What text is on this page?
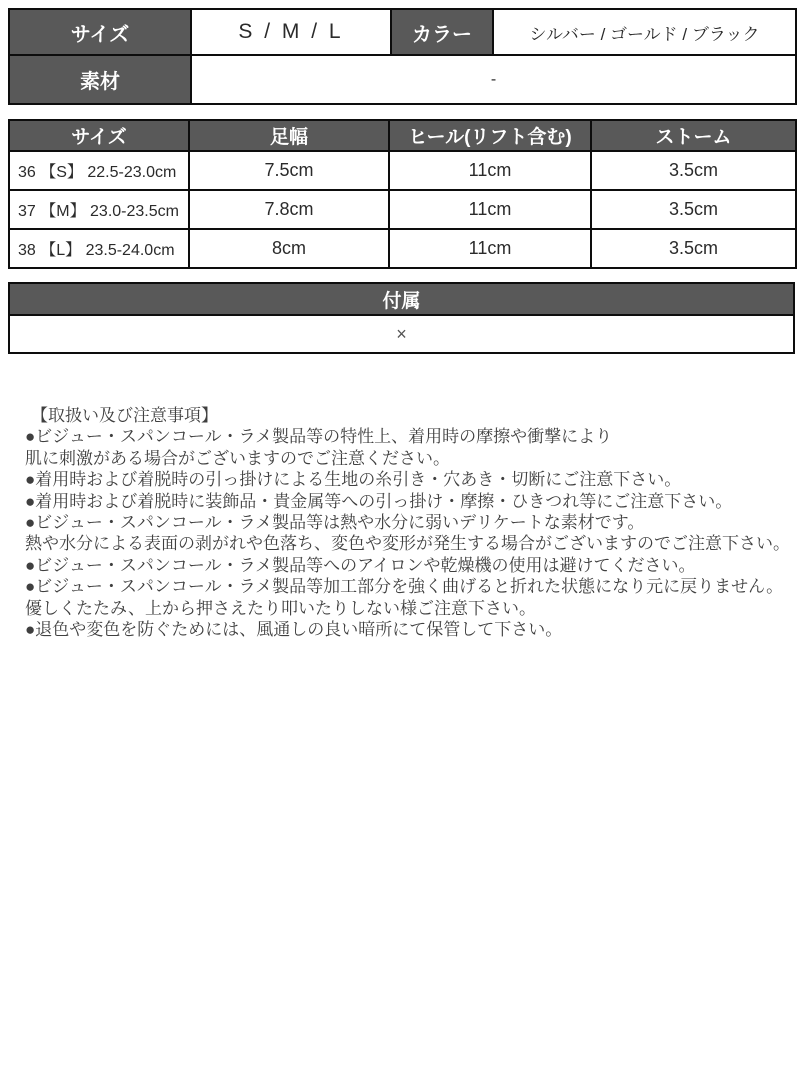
サイズ	S / M / L	カラー	シルバー / ゴールド / ブラック
素材	-		
サイズ	足幅	ヒール(リフト含む)	ストーム
36 【S】 22.5-23.0cm	7.5cm	11cm	3.5cm
37 【M】 23.0-23.5cm	7.8cm	11cm	3.5cm
38 【L】 23.5-24.0cm	8cm	11cm	3.5cm
付属
×
【取扱い及び注意事項】
●ビジュー・スパンコール・ラメ製品等の特性上、着用時の摩擦や衝撃により
肌に刺激がある場合がございますのでご注意ください。
●着用時および着脱時の引っ掛けによる生地の糸引き・穴あき・切断にご注意下さい。
●着用時および着脱時に装飾品・貴金属等への引っ掛け・摩擦・ひきつれ等にご注意下さい。
●ビジュー・スパンコール・ラメ製品等は熱や水分に弱いデリケートな素材です。
熱や水分による表面の剥がれや色落ち、変色や変形が発生する場合がございますのでご注意下さい。
●ビジュー・スパンコール・ラメ製品等へのアイロンや乾燥機の使用は避けてください。
●ビジュー・スパンコール・ラメ製品等加工部分を強く曲げると折れた状態になり元に戻りません。
優しくたたみ、上から押さえたり叩いたりしない様ご注意下さい。
●退色や変色を防ぐためには、風通しの良い暗所にて保管して下さい。
